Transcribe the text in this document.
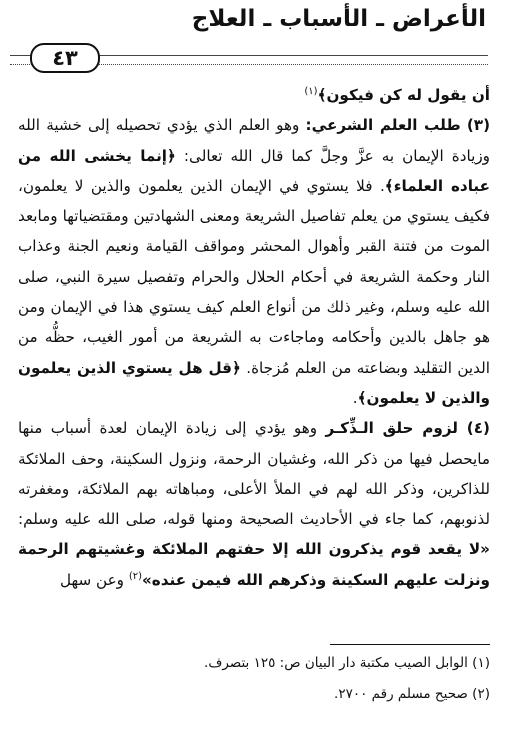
الأعراض ـ الأسباب ـ العلاج
٤٣

أن يقول له كن فيكون﴾$^{(١)}$

(٣) طلب العلم الشرعي: وهو العلم الذي يؤدي تحصيله إلى خشية الله وزيادة الإيمان به عزَّ وجلَّ كما قال الله تعالى: ﴿إنما يخشى الله من عباده العلماء﴾. فلا يستوي في الإيمان الذين يعلمون والذين لا يعلمون، فكيف يستوي من يعلم تفاصيل الشريعة ومعنى الشهادتين ومقتضياتها ومابعد الموت من فتنة القبر وأهوال المحشر ومواقف القيامة ونعيم الجنة وعذاب النار وحكمة الشريعة في أحكام الحلال والحرام وتفصيل سيرة النبي، صلى الله عليه وسلم، وغير ذلك من أنواع العلم كيف يستوي هذا في الإيمان ومن هو جاهل بالدين وأحكامه وماجاءت به الشريعة من أمور الغيب، حظُّه من الدين التقليد وبضاعته من العلم مُزجاة. ﴿قل هل يستوي الذين يعلمون والذين لا يعلمون﴾.

(٤) لزوم حلق الـذِّكـر وهو يؤدي إلى زيادة الإيمان لعدة أسباب منها مايحصل فيها من ذكر الله، وغشيان الرحمة، ونزول السكينة، وحف الملائكة للذاكرين، وذكر الله لهم في الملأ الأعلى، ومباهاته بهم الملائكة، ومغفرته لذنوبهم، كما جاء في الأحاديث الصحيحة ومنها قوله، صلى الله عليه وسلم: «لا يقعد قوم يذكرون الله إلا حفتهم الملائكة وغشيتهم الرحمة ونزلت عليهم السكينة وذكرهم الله فيمن عنده»$^{(٢)}$ وعن سهل

(١) الوابل الصيب مكتبة دار البيان ص: ١٢٥ بتصرف.
(٢) صحيح مسلم رقم ٢٧٠٠.
